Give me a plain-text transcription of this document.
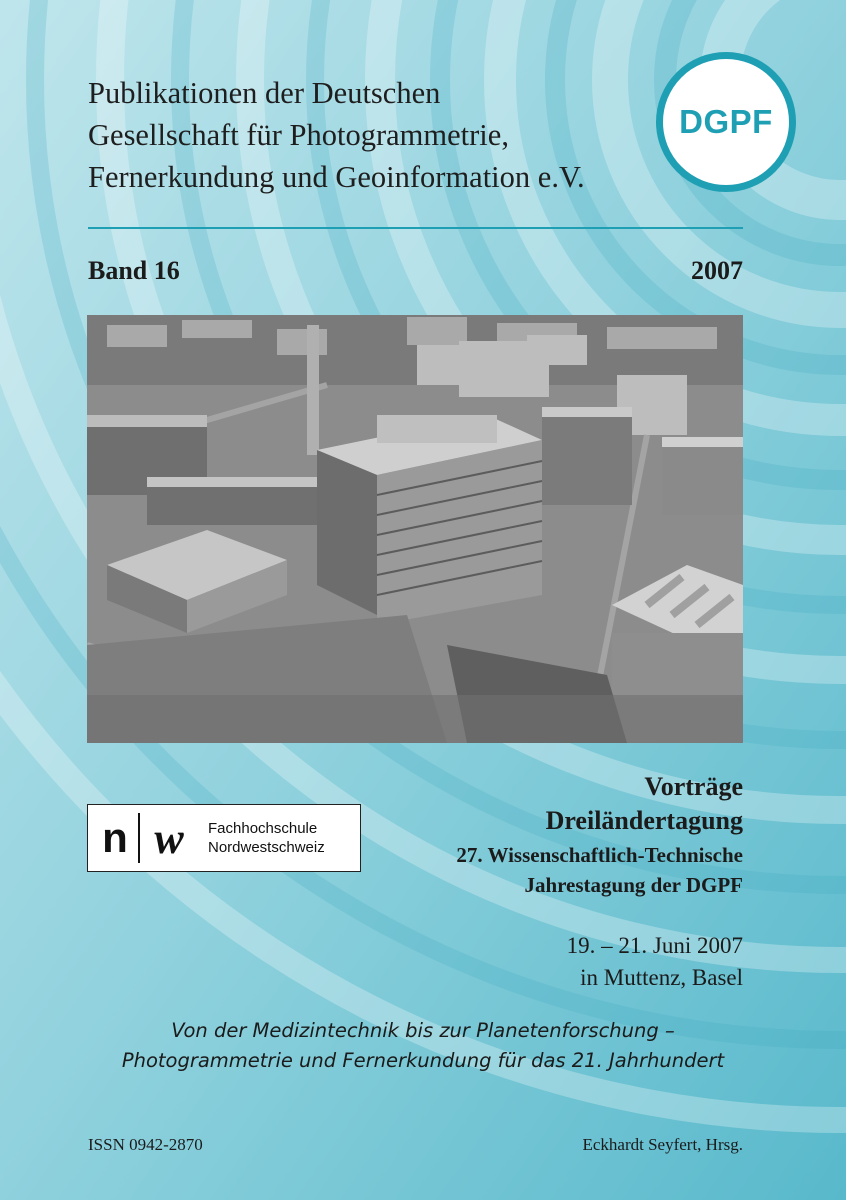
Publikationen der Deutschen
Gesellschaft für Photogrammetrie,
Fernerkundung und Geoinformation e.V.
DGPF
Band 16	2007
n w	Fachhochschule
Nordwestschweiz
Vorträge
Dreiländertagung
27. Wissenschaftlich-Technische
Jahrestagung der DGPF
19. – 21. Juni 2007
in Muttenz, Basel
Von der Medizintechnik bis zur Planetenforschung –
Photogrammetrie und Fernerkundung für das 21. Jahrhundert
ISSN 0942-2870	Eckhardt Seyfert, Hrsg.
